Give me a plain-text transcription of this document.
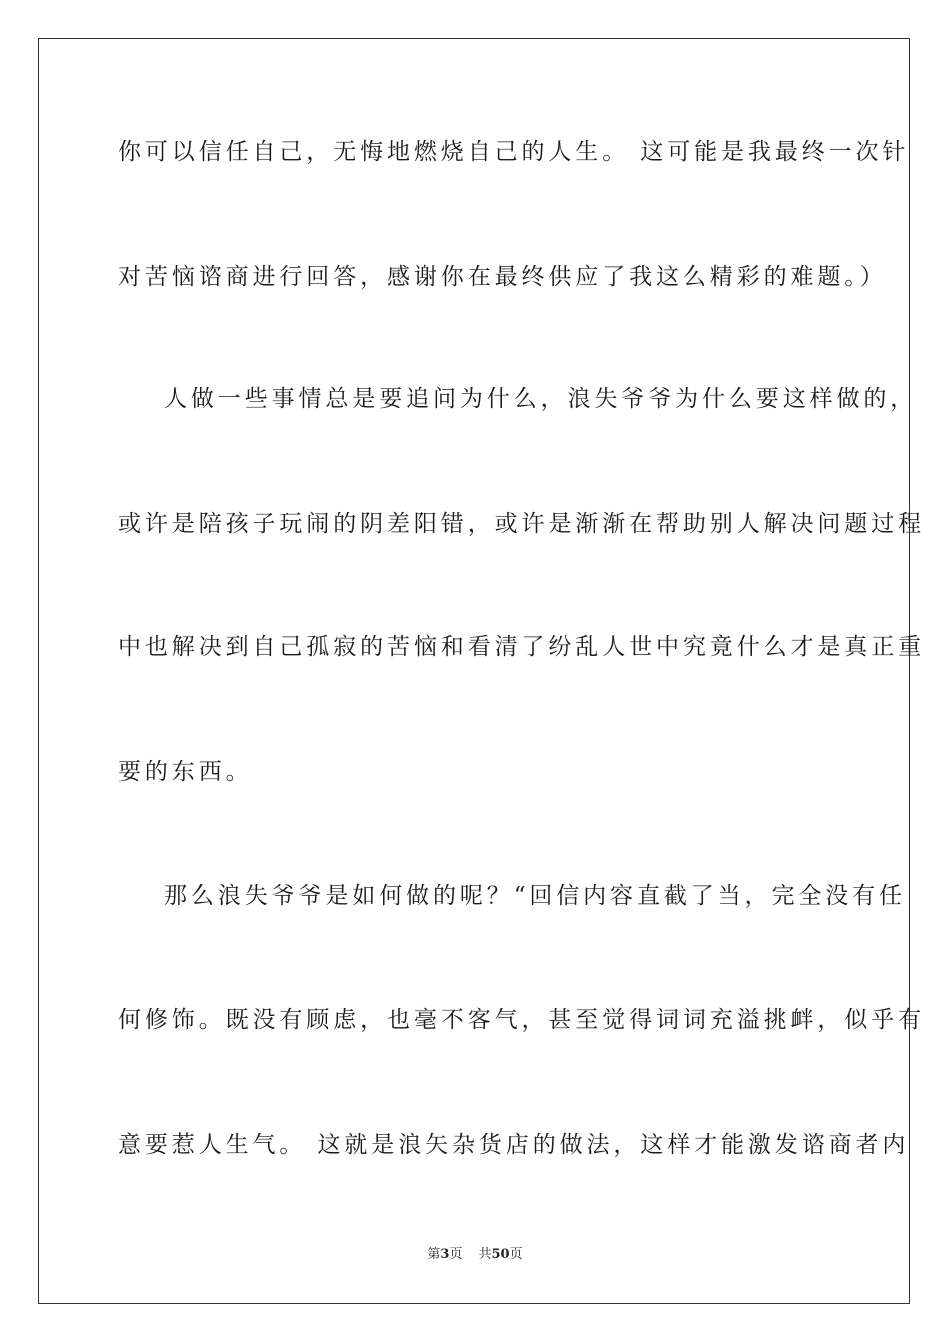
你可以信任自己，无悔地燃烧自己的人生。 这可能是我最终一次针
对苦恼谘商进行回答，感谢你在最终供应了我这么精彩的难题。）
人做一些事情总是要追问为什么，浪失爷爷为什么要这样做的，
或许是陪孩子玩闹的阴差阳错，或许是渐渐在帮助别人解决问题过程
中也解决到自己孤寂的苦恼和看清了纷乱人世中究竟什么才是真正重
要的东西。
那么浪失爷爷是如何做的呢？“回信内容直截了当，完全没有任
何修饰。既没有顾虑，也毫不客气，甚至觉得词词充溢挑衅，似乎有
意要惹人生气。 这就是浪矢杂货店的做法，这样才能激发谘商者内
第3页 共50页
